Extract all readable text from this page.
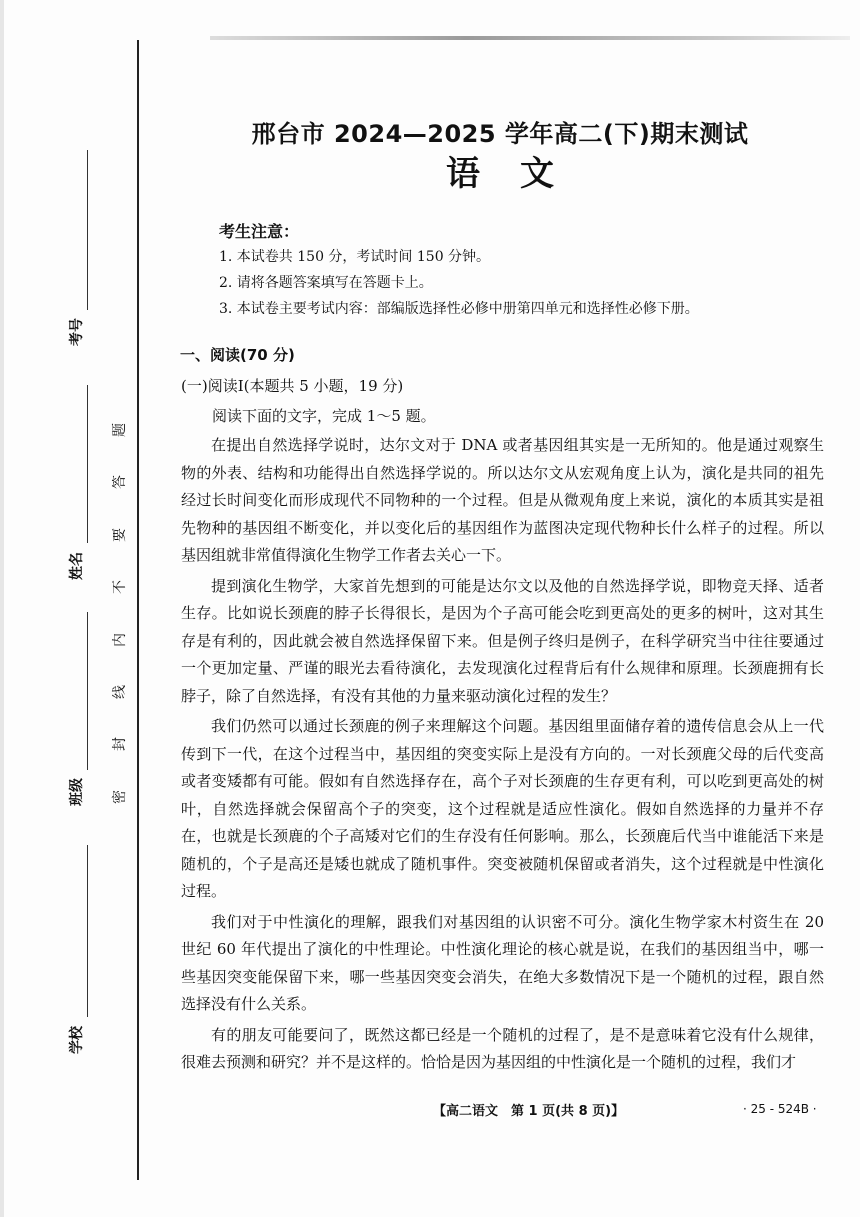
考号
姓名
班级
学校
题
答
要
不
内
线
封
密
邢台市 2024—2025 学年高二(下)期末测试
语文
考生注意：
1. 本试卷共 150 分，考试时间 150 分钟。
2. 请将各题答案填写在答题卡上。
3. 本试卷主要考试内容：部编版选择性必修中册第四单元和选择性必修下册。
一、阅读(70 分)
(一)阅读Ⅰ(本题共 5 小题，19 分)
阅读下面的文字，完成 1～5 题。

在提出自然选择学说时，达尔文对于 DNA 或者基因组其实是一无所知的。他是通过观察生物的外表、结构和功能得出自然选择学说的。所以达尔文从宏观角度上认为，演化是共同的祖先经过长时间变化而形成现代不同物种的一个过程。但是从微观角度上来说，演化的本质其实是祖先物种的基因组不断变化，并以变化后的基因组作为蓝图决定现代物种长什么样子的过程。所以基因组就非常值得演化生物学工作者去关心一下。

提到演化生物学，大家首先想到的可能是达尔文以及他的自然选择学说，即物竞天择、适者生存。比如说长颈鹿的脖子长得很长，是因为个子高可能会吃到更高处的更多的树叶，这对其生存是有利的，因此就会被自然选择保留下来。但是例子终归是例子，在科学研究当中往往要通过一个更加定量、严谨的眼光去看待演化，去发现演化过程背后有什么规律和原理。长颈鹿拥有长脖子，除了自然选择，有没有其他的力量来驱动演化过程的发生？

我们仍然可以通过长颈鹿的例子来理解这个问题。基因组里面储存着的遗传信息会从上一代传到下一代，在这个过程当中，基因组的突变实际上是没有方向的。一对长颈鹿父母的后代变高或者变矮都有可能。假如有自然选择存在，高个子对长颈鹿的生存更有利，可以吃到更高处的树叶，自然选择就会保留高个子的突变，这个过程就是适应性演化。假如自然选择的力量并不存在，也就是长颈鹿的个子高矮对它们的生存没有任何影响。那么，长颈鹿后代当中谁能活下来是随机的，个子是高还是矮也就成了随机事件。突变被随机保留或者消失，这个过程就是中性演化过程。

我们对于中性演化的理解，跟我们对基因组的认识密不可分。演化生物学家木村资生在 20 世纪 60 年代提出了演化的中性理论。中性演化理论的核心就是说，在我们的基因组当中，哪一些基因突变能保留下来，哪一些基因突变会消失，在绝大多数情况下是一个随机的过程，跟自然选择没有什么关系。

有的朋友可能要问了，既然这都已经是一个随机的过程了，是不是意味着它没有什么规律，很难去预测和研究？并不是这样的。恰恰是因为基因组的中性演化是一个随机的过程，我们才

【高二语文　第 1 页(共 8 页)】	· 25 - 524B ·
